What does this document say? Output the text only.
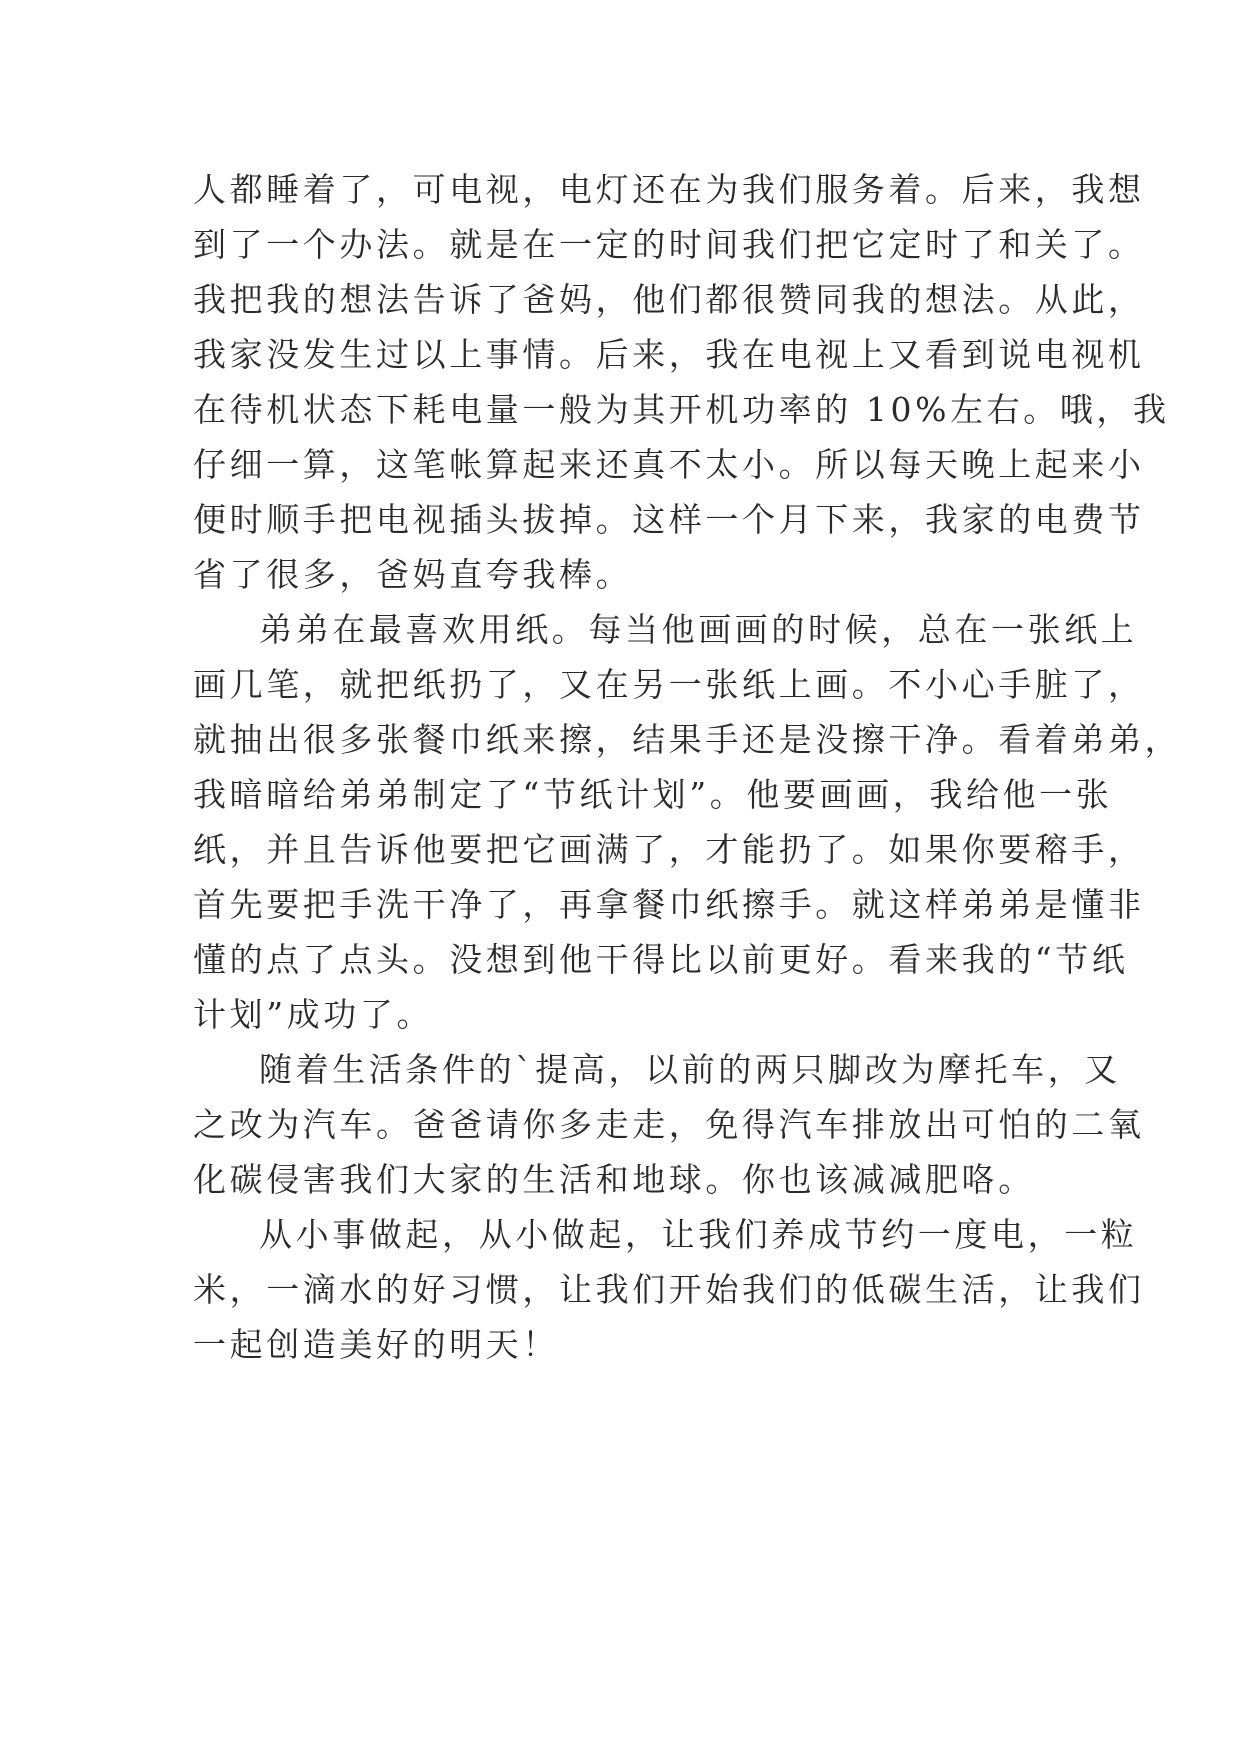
人都睡着了，可电视，电灯还在为我们服务着。后来，我想
到了一个办法。就是在一定的时间我们把它定时了和关了。
我把我的想法告诉了爸妈，他们都很赞同我的想法。从此，
我家没发生过以上事情。后来，我在电视上又看到说电视机
在待机状态下耗电量一般为其开机功率的 10%左右。哦，我
仔细一算，这笔帐算起来还真不太小。所以每天晚上起来小
便时顺手把电视插头拔掉。这样一个月下来，我家的电费节
省了很多，爸妈直夸我棒。
弟弟在最喜欢用纸。每当他画画的时候，总在一张纸上
画几笔，就把纸扔了，又在另一张纸上画。不小心手脏了，
就抽出很多张餐巾纸来擦，结果手还是没擦干净。看着弟弟，
我暗暗给弟弟制定了“节纸计划”。他要画画，我给他一张
纸，并且告诉他要把它画满了，才能扔了。如果你要穃手，
首先要把手洗干净了，再拿餐巾纸擦手。就这样弟弟是懂非
懂的点了点头。没想到他干得比以前更好。看来我的“节纸
计划”成功了。
随着生活条件的`提高，以前的两只脚改为摩托车，又
之改为汽车。爸爸请你多走走，免得汽车排放出可怕的二氧
化碳侵害我们大家的生活和地球。你也该减减肥咯。
从小事做起，从小做起，让我们养成节约一度电，一粒
米，一滴水的好习惯，让我们开始我们的低碳生活，让我们
一起创造美好的明天！
